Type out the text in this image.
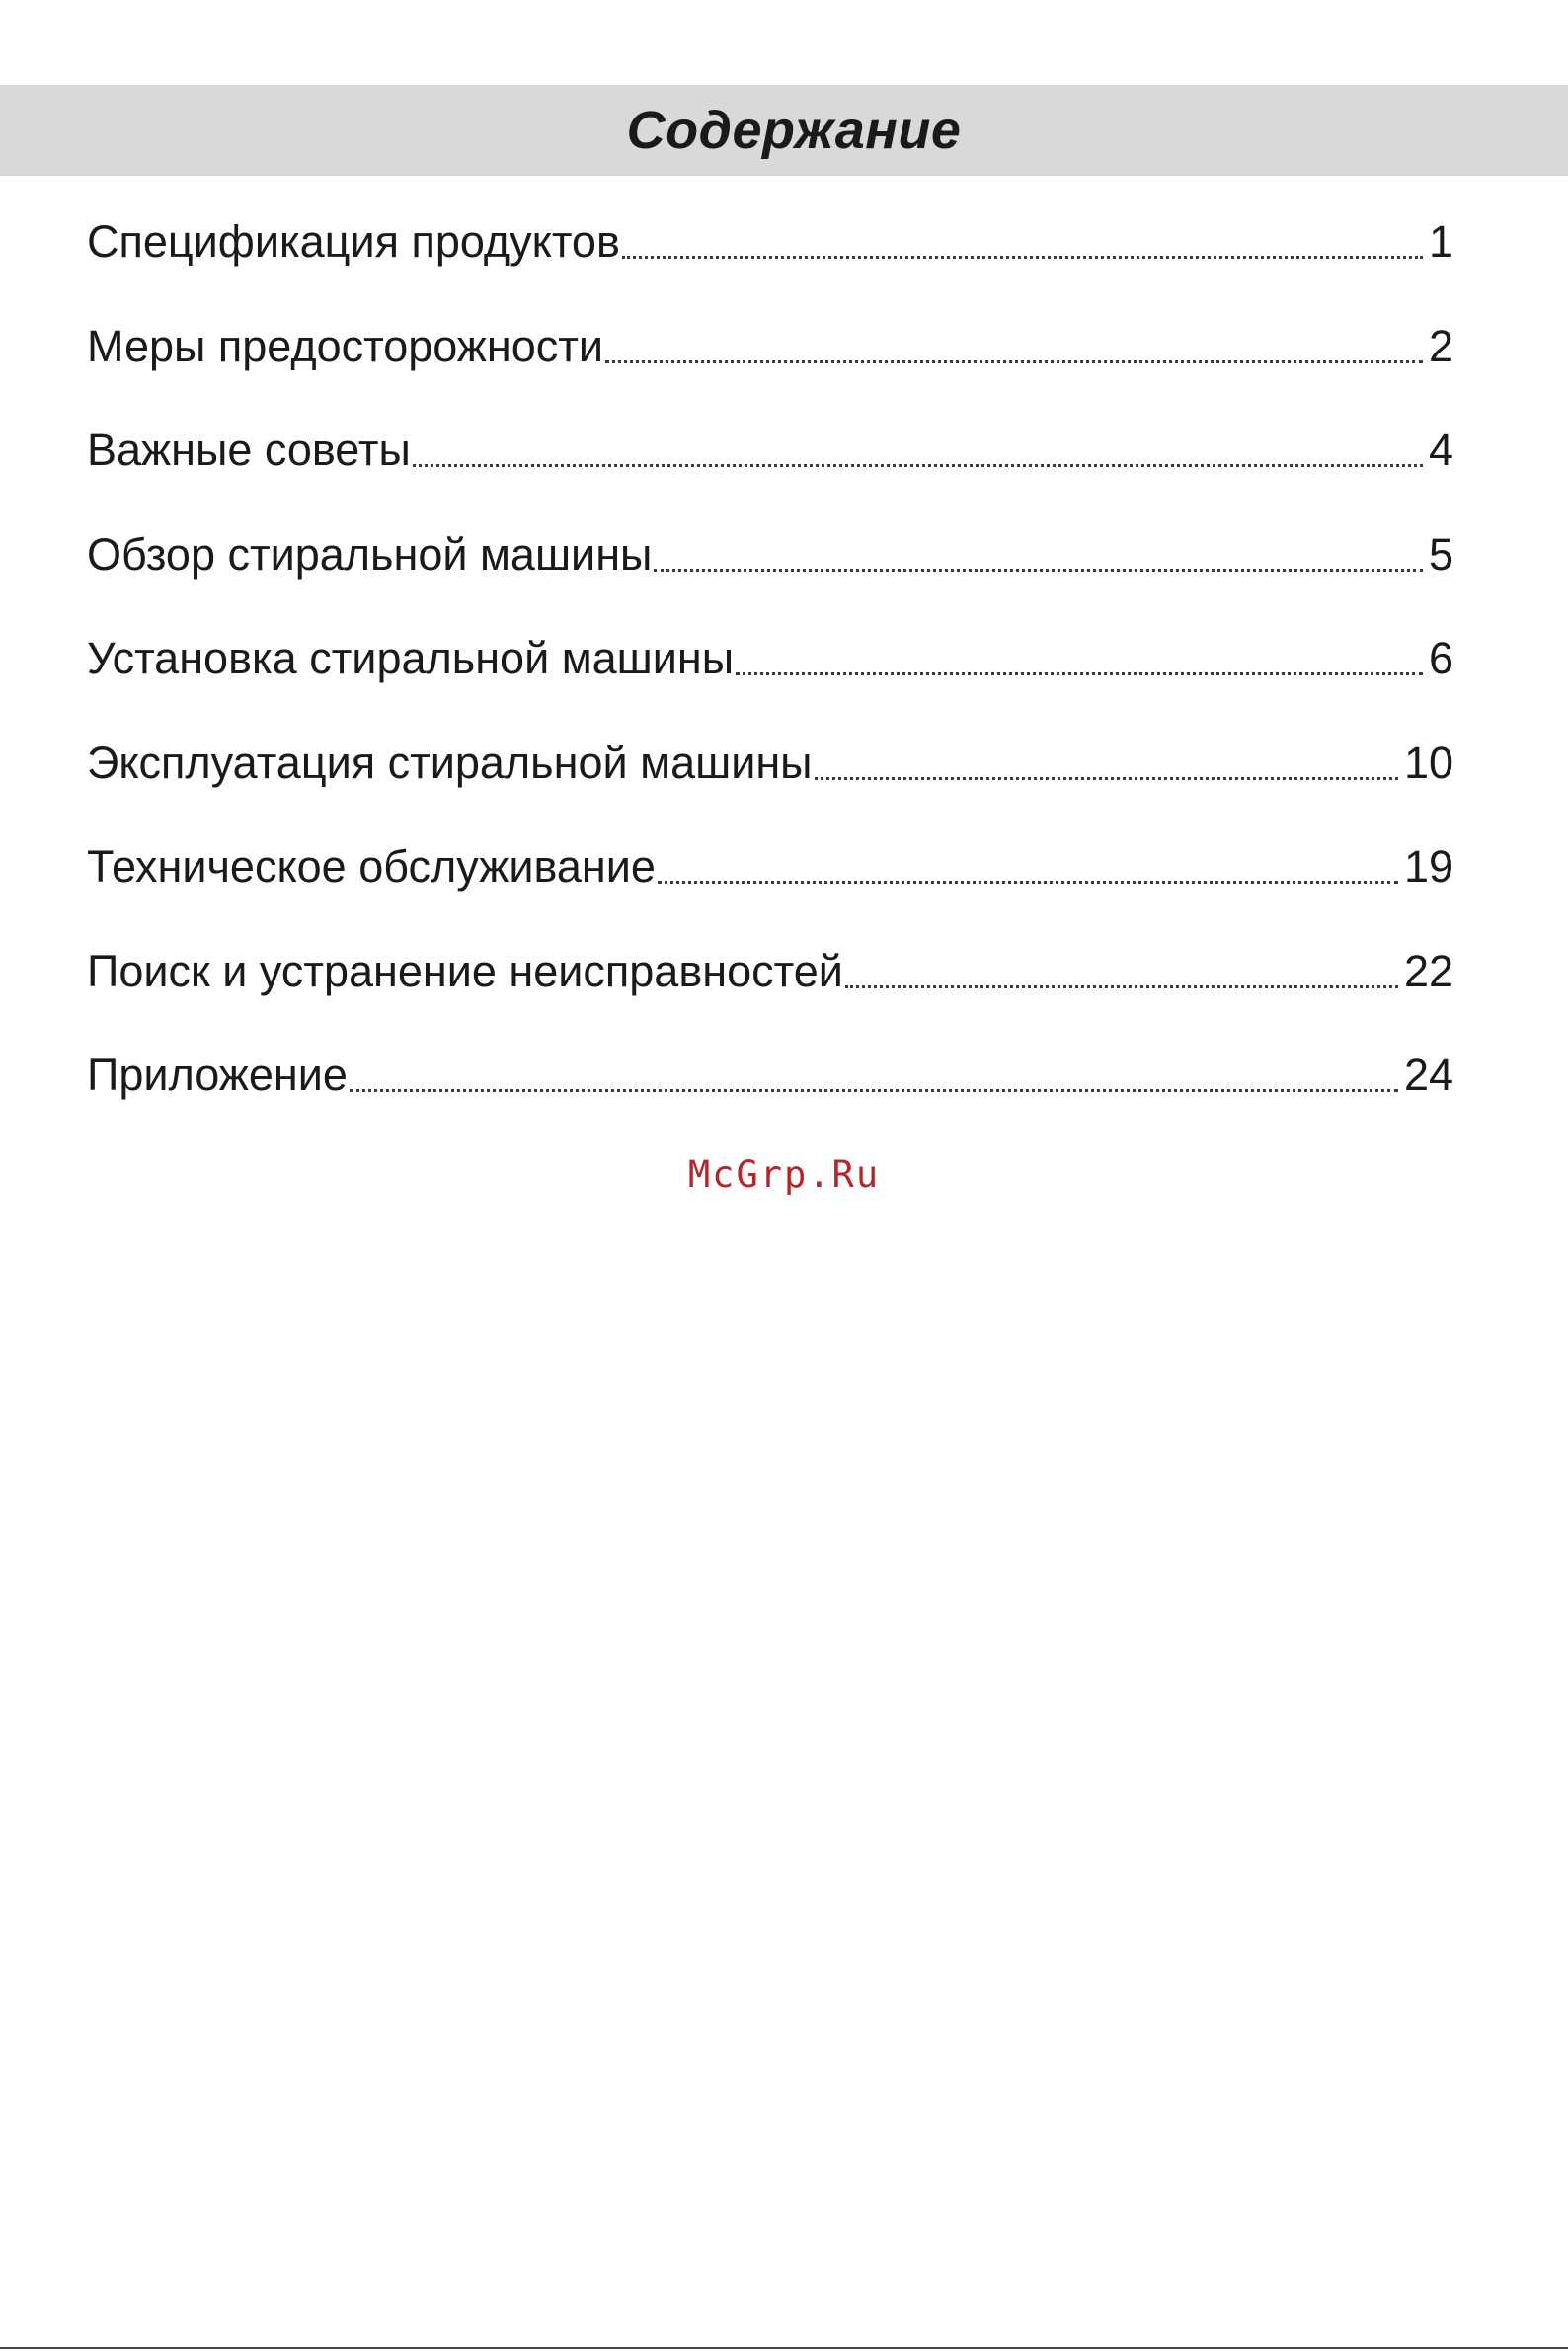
Содержание
Спецификация продуктов	1
Меры предосторожности	2
Важные советы	4
Обзор стиральной машины	5
Установка стиральной машины	6
Эксплуатация стиральной машины	10
Техническое обслуживание	19
Поиск и устранение неисправностей	22
Приложение	24
McGrp.Ru
